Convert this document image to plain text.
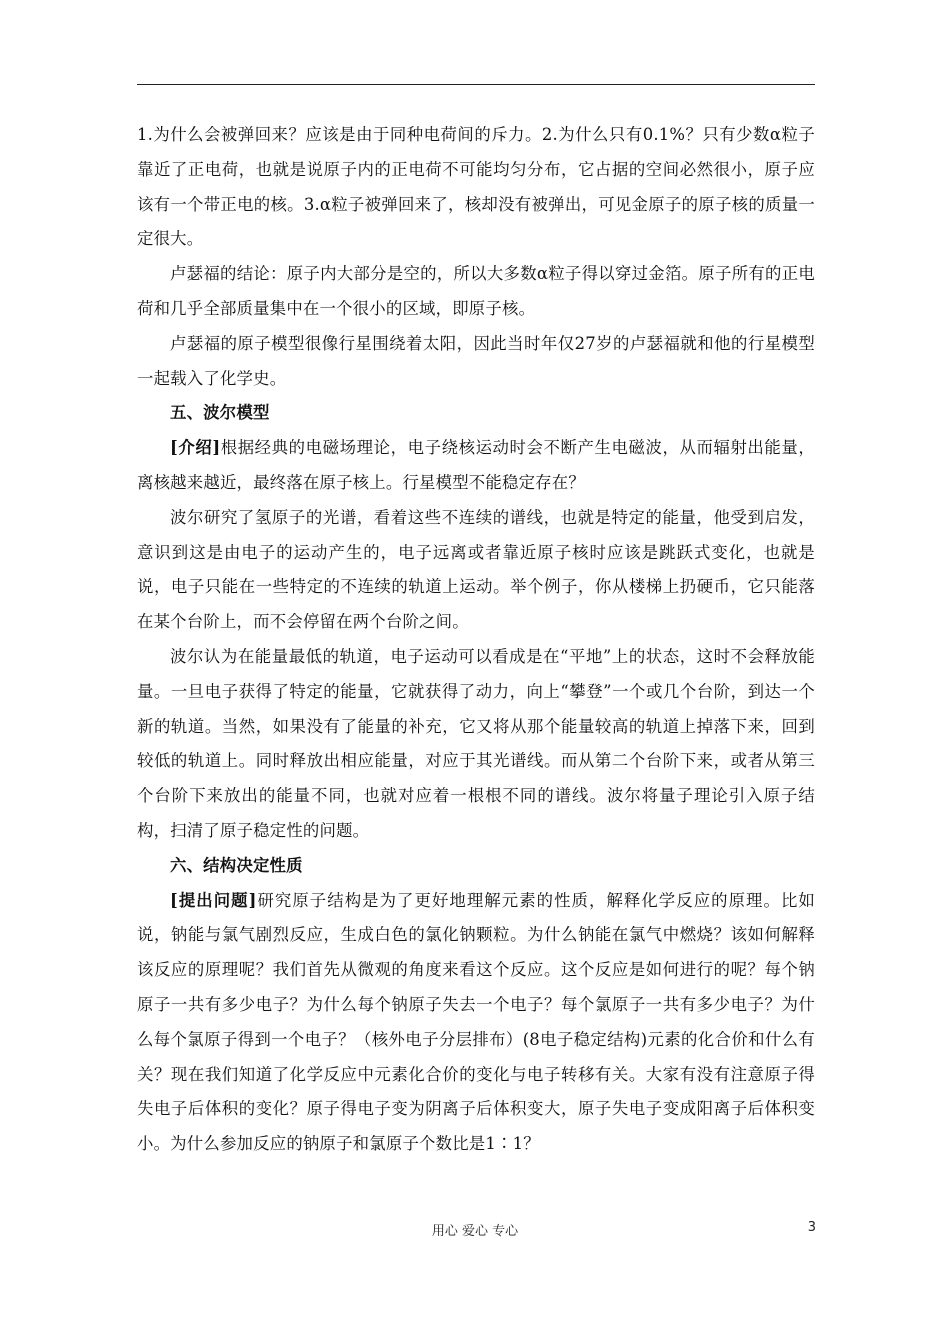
1.为什么会被弹回来？应该是由于同种电荷间的斥力。2.为什么只有0.1%？只有少数α粒子靠近了正电荷，也就是说原子内的正电荷不可能均匀分布，它占据的空间必然很小，原子应该有一个带正电的核。3.α粒子被弹回来了，核却没有被弹出，可见金原子的原子核的质量一定很大。

卢瑟福的结论：原子内大部分是空的，所以大多数α粒子得以穿过金箔。原子所有的正电荷和几乎全部质量集中在一个很小的区域，即原子核。

卢瑟福的原子模型很像行星围绕着太阳，因此当时年仅27岁的卢瑟福就和他的行星模型一起载入了化学史。

五、波尔模型

[介绍]根据经典的电磁场理论，电子绕核运动时会不断产生电磁波，从而辐射出能量，离核越来越近，最终落在原子核上。行星模型不能稳定存在？

波尔研究了氢原子的光谱，看着这些不连续的谱线，也就是特定的能量，他受到启发，意识到这是由电子的运动产生的，电子远离或者靠近原子核时应该是跳跃式变化，也就是说，电子只能在一些特定的不连续的轨道上运动。举个例子，你从楼梯上扔硬币，它只能落在某个台阶上，而不会停留在两个台阶之间。

波尔认为在能量最低的轨道，电子运动可以看成是在“平地”上的状态，这时不会释放能量。一旦电子获得了特定的能量，它就获得了动力，向上“攀登”一个或几个台阶，到达一个新的轨道。当然，如果没有了能量的补充，它又将从那个能量较高的轨道上掉落下来，回到较低的轨道上。同时释放出相应能量，对应于其光谱线。而从第二个台阶下来，或者从第三个台阶下来放出的能量不同，也就对应着一根根不同的谱线。波尔将量子理论引入原子结构，扫清了原子稳定性的问题。

六、结构决定性质

[提出问题]研究原子结构是为了更好地理解元素的性质，解释化学反应的原理。比如说，钠能与氯气剧烈反应，生成白色的氯化钠颗粒。为什么钠能在氯气中燃烧？该如何解释该反应的原理呢？我们首先从微观的角度来看这个反应。这个反应是如何进行的呢？每个钠原子一共有多少电子？为什么每个钠原子失去一个电子？每个氯原子一共有多少电子？为什么每个氯原子得到一个电子？（核外电子分层排布）(8电子稳定结构)元素的化合价和什么有关？现在我们知道了化学反应中元素化合价的变化与电子转移有关。大家有没有注意原子得失电子后体积的变化？原子得电子变为阴离子后体积变大，原子失电子变成阳离子后体积变小。为什么参加反应的钠原子和氯原子个数比是1∶1？

用心 爱心 专心	3
